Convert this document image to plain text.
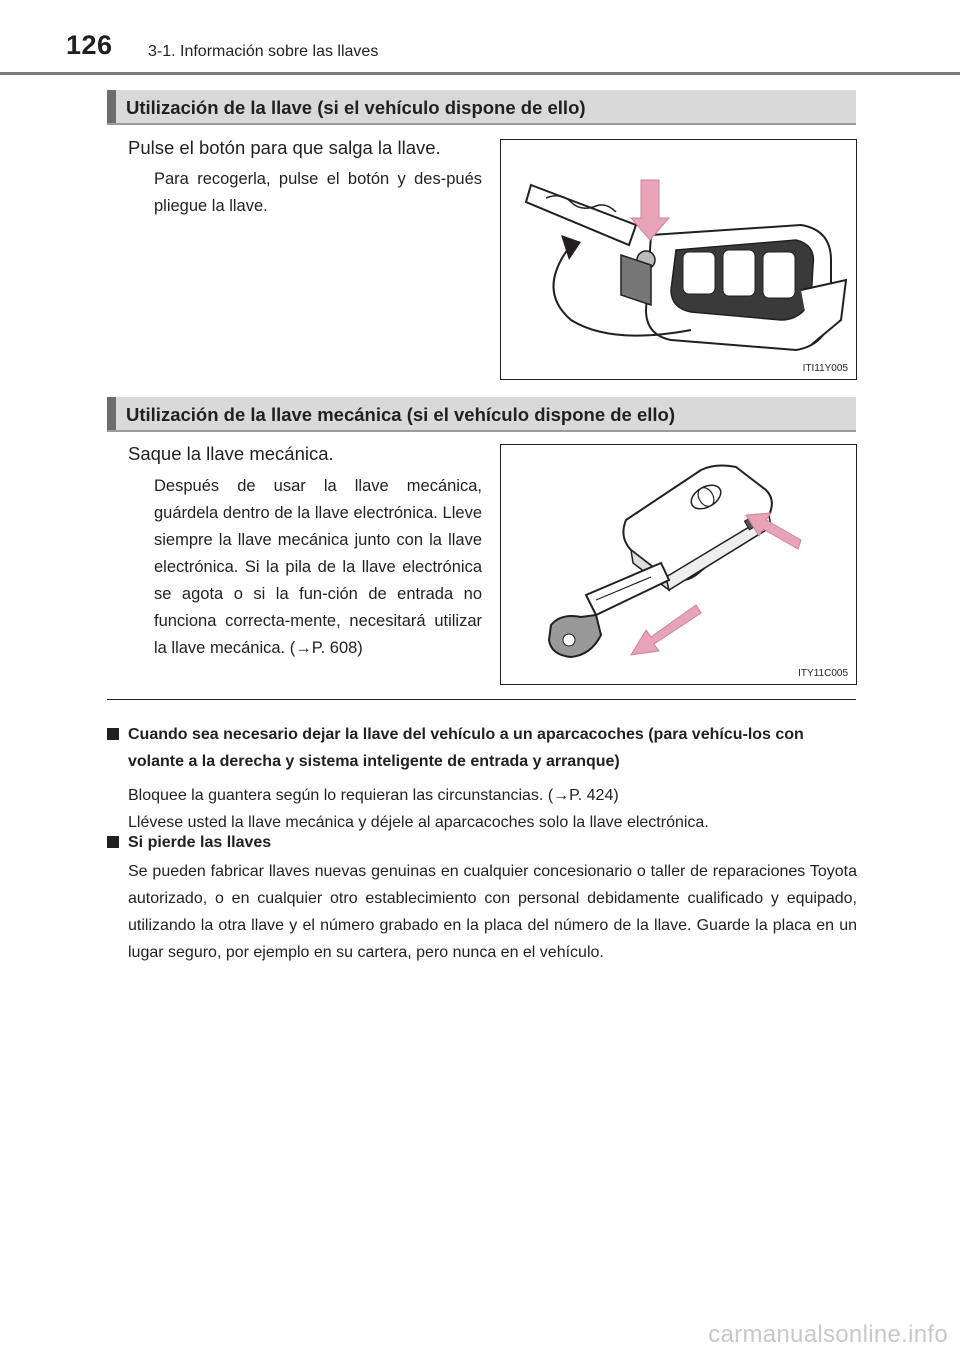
126 3-1. Información sobre las llaves
Utilización de la llave (si el vehículo dispone de ello)
Pulse el botón para que salga la llave.
Para recogerla, pulse el botón y des-pués pliegue la llave.
ITI11Y005
Utilización de la llave mecánica (si el vehículo dispone de ello)
Saque la llave mecánica.
Después de usar la llave mecánica, guárdela dentro de la llave electrónica. Lleve siempre la llave mecánica junto con la llave electrónica. Si la pila de la llave electrónica se agota o si la fun-ción de entrada no funciona correcta-mente, necesitará utilizar la llave mecánica. (→P. 608)
ITY11C005
Cuando sea necesario dejar la llave del vehículo a un aparcacoches (para vehícu-los con volante a la derecha y sistema inteligente de entrada y arranque)
Bloquee la guantera según lo requieran las circunstancias. (→P. 424)
Llévese usted la llave mecánica y déjele al aparcacoches solo la llave electrónica.
Si pierde las llaves
Se pueden fabricar llaves nuevas genuinas en cualquier concesionario o taller de reparaciones Toyota autorizado, o en cualquier otro establecimiento con personal debidamente cualificado y equipado, utilizando la otra llave y el número grabado en la placa del número de la llave. Guarde la placa en un lugar seguro, por ejemplo en su cartera, pero nunca en el vehículo.
carmanualsonline.info
